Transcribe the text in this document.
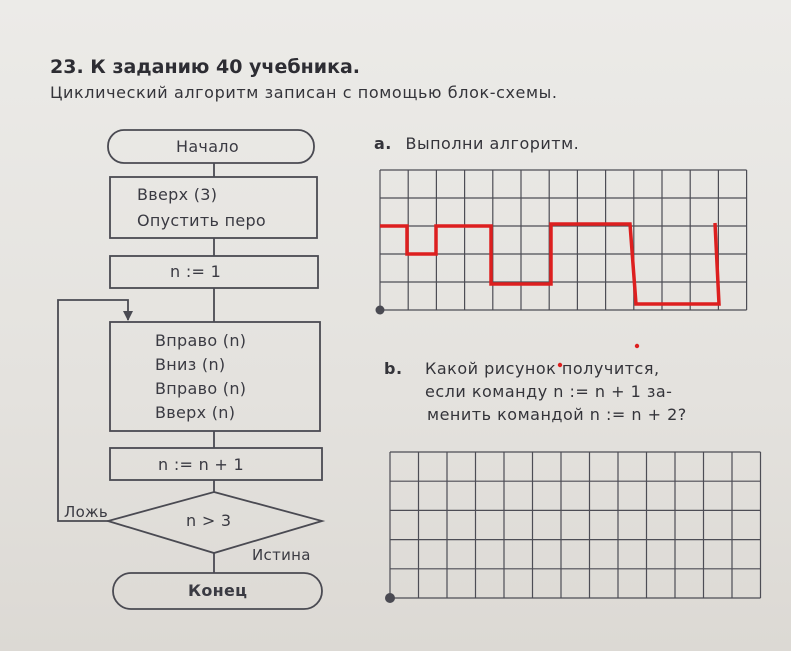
23. К заданию 40 учебника.
Циклический алгоритм записан с помощью блок-схемы.
Начало
Вверх (3)
Опустить перо
n := 1
Вправо (n)
Вниз (n)
Вправо (n)
Вверх (n)
n := n + 1
n > 3
Ложь
Истина
Конец
a. Выполни алгоритм.
b. Какой рисунок получится,
если команду n := n + 1 за-
менить командой n := n + 2?
